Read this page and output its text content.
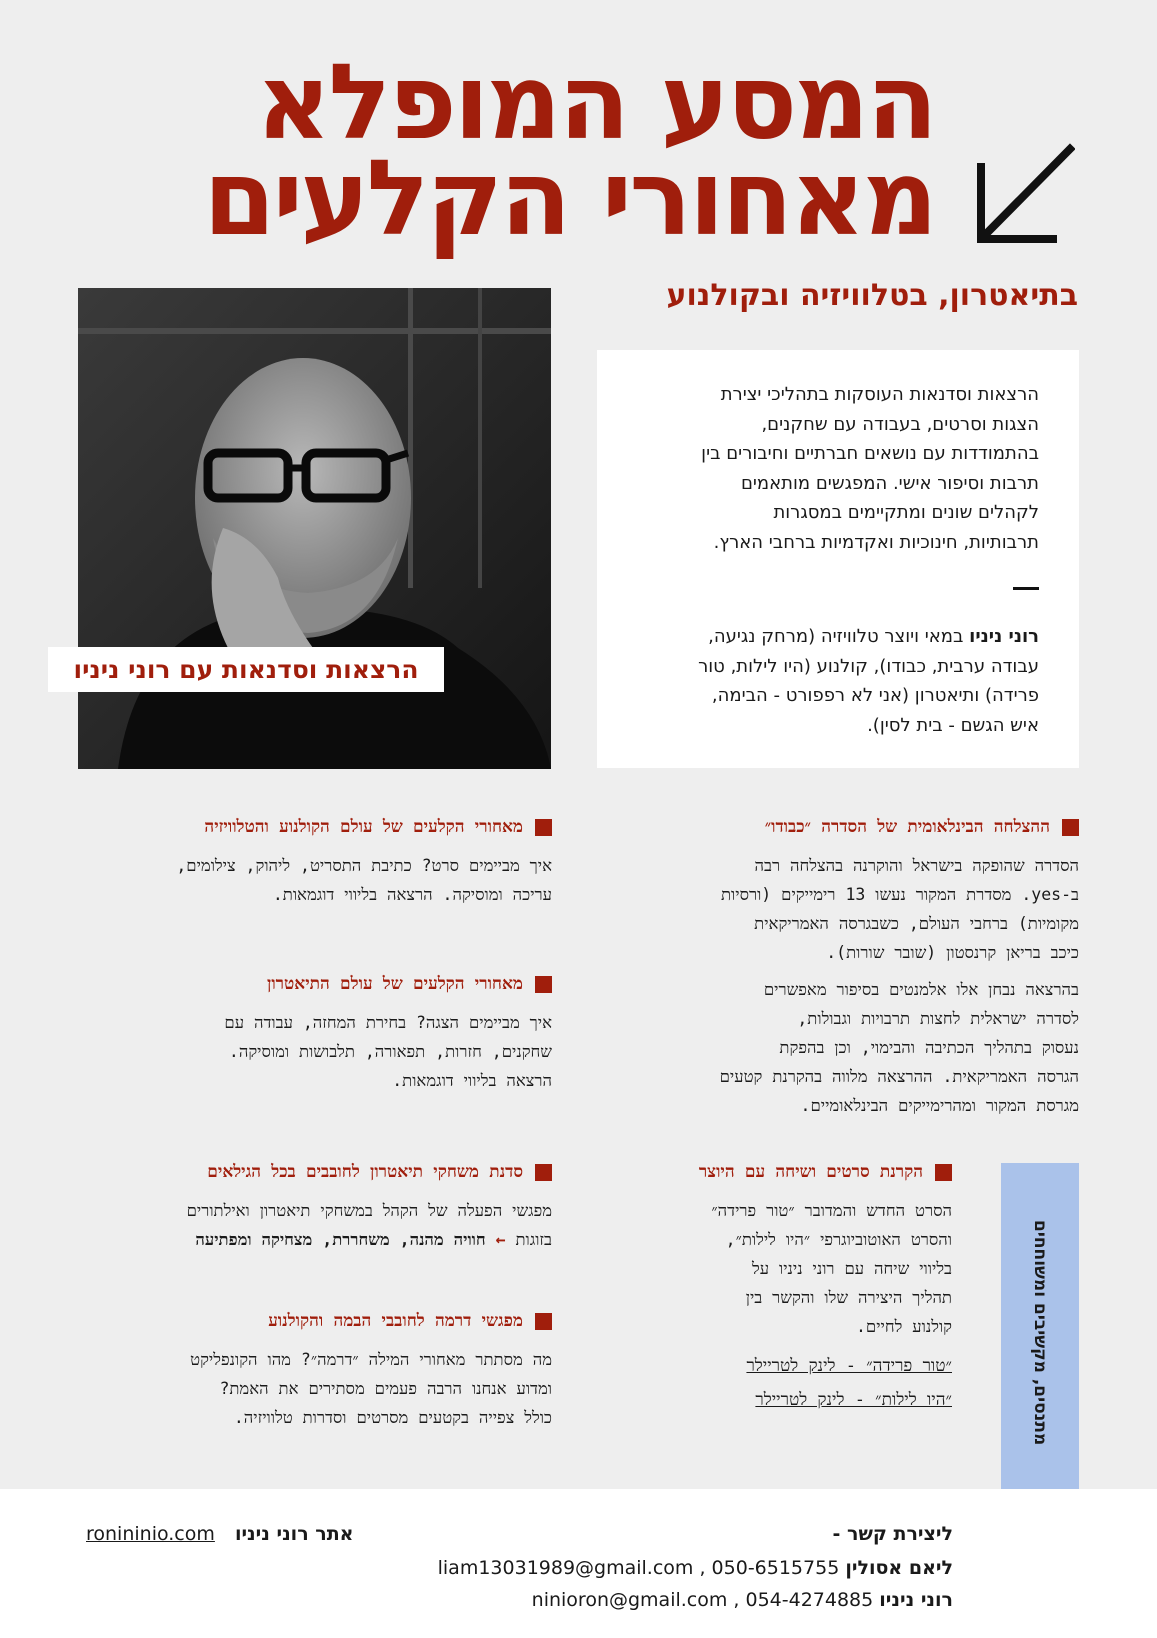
המסע המופלא
מאחורי הקלעים
בתיאטרון, בטלוויזיה ובקולנוע
הרצאות וסדנאות עם רוני ניניו
הרצאות וסדנאות העוסקות בתהליכי יצירת
הצגות וסרטים, בעבודה עם שחקנים,
בהתמודדות עם נושאים חברתיים וחיבורים בין
תרבות וסיפור אישי. המפגשים מותאמים
לקהלים שונים ומתקיימים במסגרות
תרבותיות, חינוכיות ואקדמיות ברחבי הארץ.
רוני ניניו במאי ויוצר טלוויזיה (מרחק נגיעה,
עבודה ערבית, כבודו), קולנוע (היו לילות, טור
פרידה) ותיאטרון (אני לא רפפורט - הבימה,
איש הגשם - בית לסין).
ההצלחה הבינלאומית של הסדרה ״כבודו״
הסדרה שהופקה בישראל והוקרנה בהצלחה רבה
ב-yes. מסדרת המקור נעשו 13 רימייקים (ורסיות
מקומיות) ברחבי העולם, כשבגרסה האמריקאית
כיכב בריאן קרנסטון (שובר שורות).
בהרצאה נבחן אלו אלמנטים בסיפור מאפשרים
לסדרה ישראלית לחצות תרבויות וגבולות,
נעסוק בתהליך הכתיבה והבימוי, וכן בהפקת
הגרסה האמריקאית. ההרצאה מלווה בהקרנת קטעים
מגרסת המקור ומהרימייקים הבינלאומיים.
מאחורי הקלעים של עולם הקולנוע והטלוויזיה
איך מביימים סרט? כתיבת התסריט, ליהוק, צילומים,
עריכה ומוסיקה. הרצאה בליווי דוגמאות.
מאחורי הקלעים של עולם התיאטרון
איך מביימים הצגה? בחירת המחזה, עבודה עם
שחקנים, חזרות, תפאורה, תלבושות ומוסיקה.
הרצאה בליווי דוגמאות.
הקרנת סרטים ושיחה עם היוצר
הסרט החדש והמדובר ״טור פרידה״
והסרט האוטוביוגרפי ״היו לילות״,
בליווי שיחה עם רוני ניניו על
תהליך היצירה שלו והקשר בין
קולנוע לחיים.
״טור פרידה״ - לינק לטריילר
״היו לילות״ - לינק לטריילר
סדנת משחקי תיאטרון לחובבים בכל הגילאים
מפגשי הפעלה של הקהל במשחקי תיאטרון ואילתורים
בזוגות ← חוויה מהנה, משחררת, מצחיקה ומפתיעה
מפגשי דרמה לחובבי הבמה והקולנוע
מה מסתתר מאחורי המילה ״דרמה״? מהו הקונפליקט
ומדוע אנחנו הרבה פעמים מסתירים את האמת?
כולל צפייה בקטעים מסרטים וסדרות טלוויזיה.	מתנסים, מקשיבים ומשוחחים
ליצירת קשר -
ליאם אסולין liam13031989@gmail.com , 050-6515755
רוני ניניו ninioron@gmail.com , 054-4274885
אתר רוני ניניו ronininio.com
